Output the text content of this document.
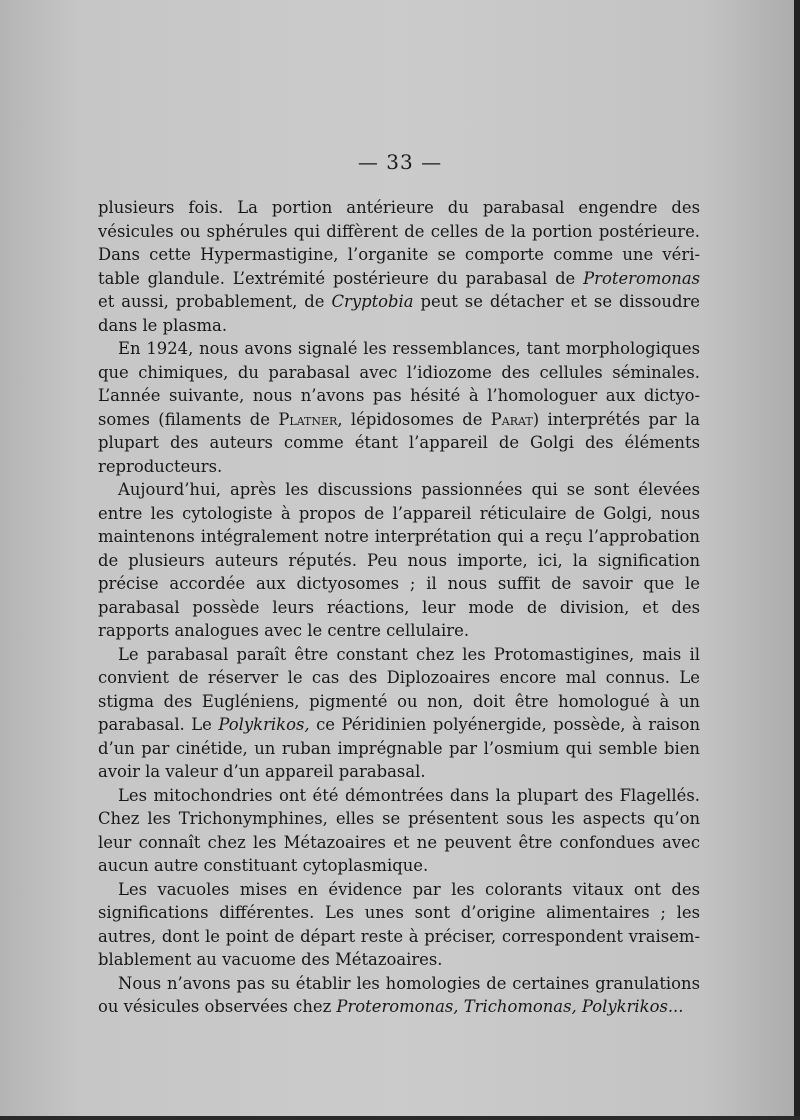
— 33 —

plusieurs fois. La portion antérieure du parabasal engendre des vésicules ou sphérules qui diffèrent de celles de la portion postérieure. Dans cette Hypermastigine, l’organite se comporte comme une véritable glandule. L’extrémité postérieure du parabasal de Proteromonas et aussi, probablement, de Cryptobia peut se détacher et se dissoudre dans le plasma.

En 1924, nous avons signalé les ressemblances, tant morphologiques que chimiques, du parabasal avec l’idiozome des cellules séminales. L’année suivante, nous n’avons pas hésité à l’homologuer aux dictyosomes (filaments de Platner, lépidosomes de Parat) interprétés par la plupart des auteurs comme étant l’appareil de Golgi des éléments reproducteurs.

Aujourd’hui, après les discussions passionnées qui se sont élevées entre les cytologiste à propos de l’appareil réticulaire de Golgi, nous maintenons intégralement notre interprétation qui a reçu l’approbation de plusieurs auteurs réputés. Peu nous importe, ici, la signification précise accordée aux dictyosomes ; il nous suffit de savoir que le parabasal possède leurs réactions, leur mode de division, et des rapports analogues avec le centre cellulaire.

Le parabasal paraît être constant chez les Protomastigines, mais il convient de réserver le cas des Diplozoaires encore mal connus. Le stigma des Eugléniens, pigmenté ou non, doit être homologué à un parabasal. Le Polykrikos, ce Péridinien polyénergide, possède, à raison d’un par cinétide, un ruban imprégnable par l’osmium qui semble bien avoir la valeur d’un appareil parabasal.

Les mitochondries ont été démontrées dans la plupart des Flagellés. Chez les Trichonymphines, elles se présentent sous les aspects qu’on leur connaît chez les Métazoaires et ne peuvent être confondues avec aucun autre constituant cytoplasmique.

Les vacuoles mises en évidence par les colorants vitaux ont des significations différentes. Les unes sont d’origine alimentaires ; les autres, dont le point de départ reste à préciser, correspondent vraisemblablement au vacuome des Métazoaires.

Nous n’avons pas su établir les homologies de certaines granulations ou vésicules observées chez Proteromonas, Trichomonas, Polykrikos...
